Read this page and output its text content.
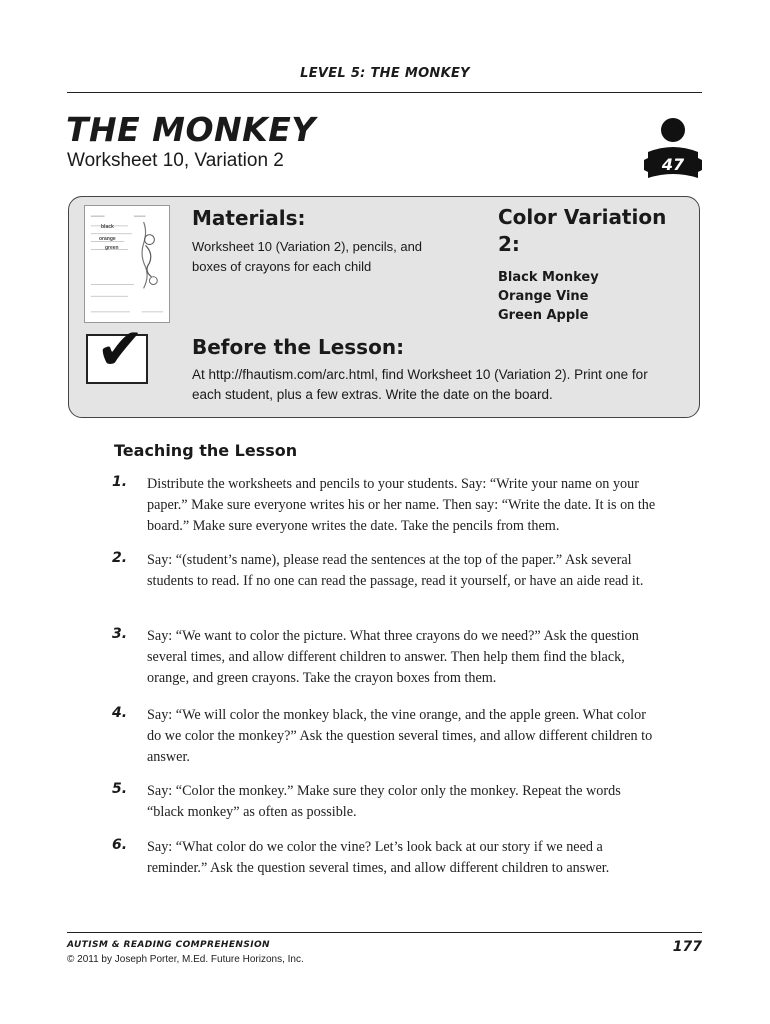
LEVEL 5: THE MONKEY
THE MONKEY
Worksheet 10, Variation 2	47
black
orange
green
✔
Materials:
Worksheet 10 (Variation 2), pencils, and boxes of crayons for each child
Color Variation 2:
Black Monkey
Orange Vine
Green Apple
Before the Lesson:
At http://fhautism.com/arc.html, find Worksheet 10 (Variation 2). Print one for each student, plus a few extras. Write the date on the board.
Teaching the Lesson
1. Distribute the worksheets and pencils to your students. Say: “Write your name on your paper.” Make sure everyone writes his or her name. Then say: “Write the date. It is on the board.” Make sure everyone writes the date. Take the pencils from them.
2. Say: “(student’s name), please read the sentences at the top of the paper.” Ask several students to read. If no one can read the passage, read it yourself, or have an aide read it.
3. Say: “We want to color the picture. What three crayons do we need?” Ask the question several times, and allow different children to answer. Then help them find the black, orange, and green crayons. Take the crayon boxes from them.
4. Say: “We will color the monkey black, the vine orange, and the apple green. What color do we color the monkey?” Ask the question several times, and allow different children to answer.
5. Say: “Color the monkey.” Make sure they color only the monkey. Repeat the words “black monkey” as often as possible.
6. Say: “What color do we color the vine? Let’s look back at our story if we need a reminder.” Ask the question several times, and allow different children to answer.
AUTISM & READING COMPREHENSION
© 2011 by Joseph Porter, M.Ed. Future Horizons, Inc.
177
